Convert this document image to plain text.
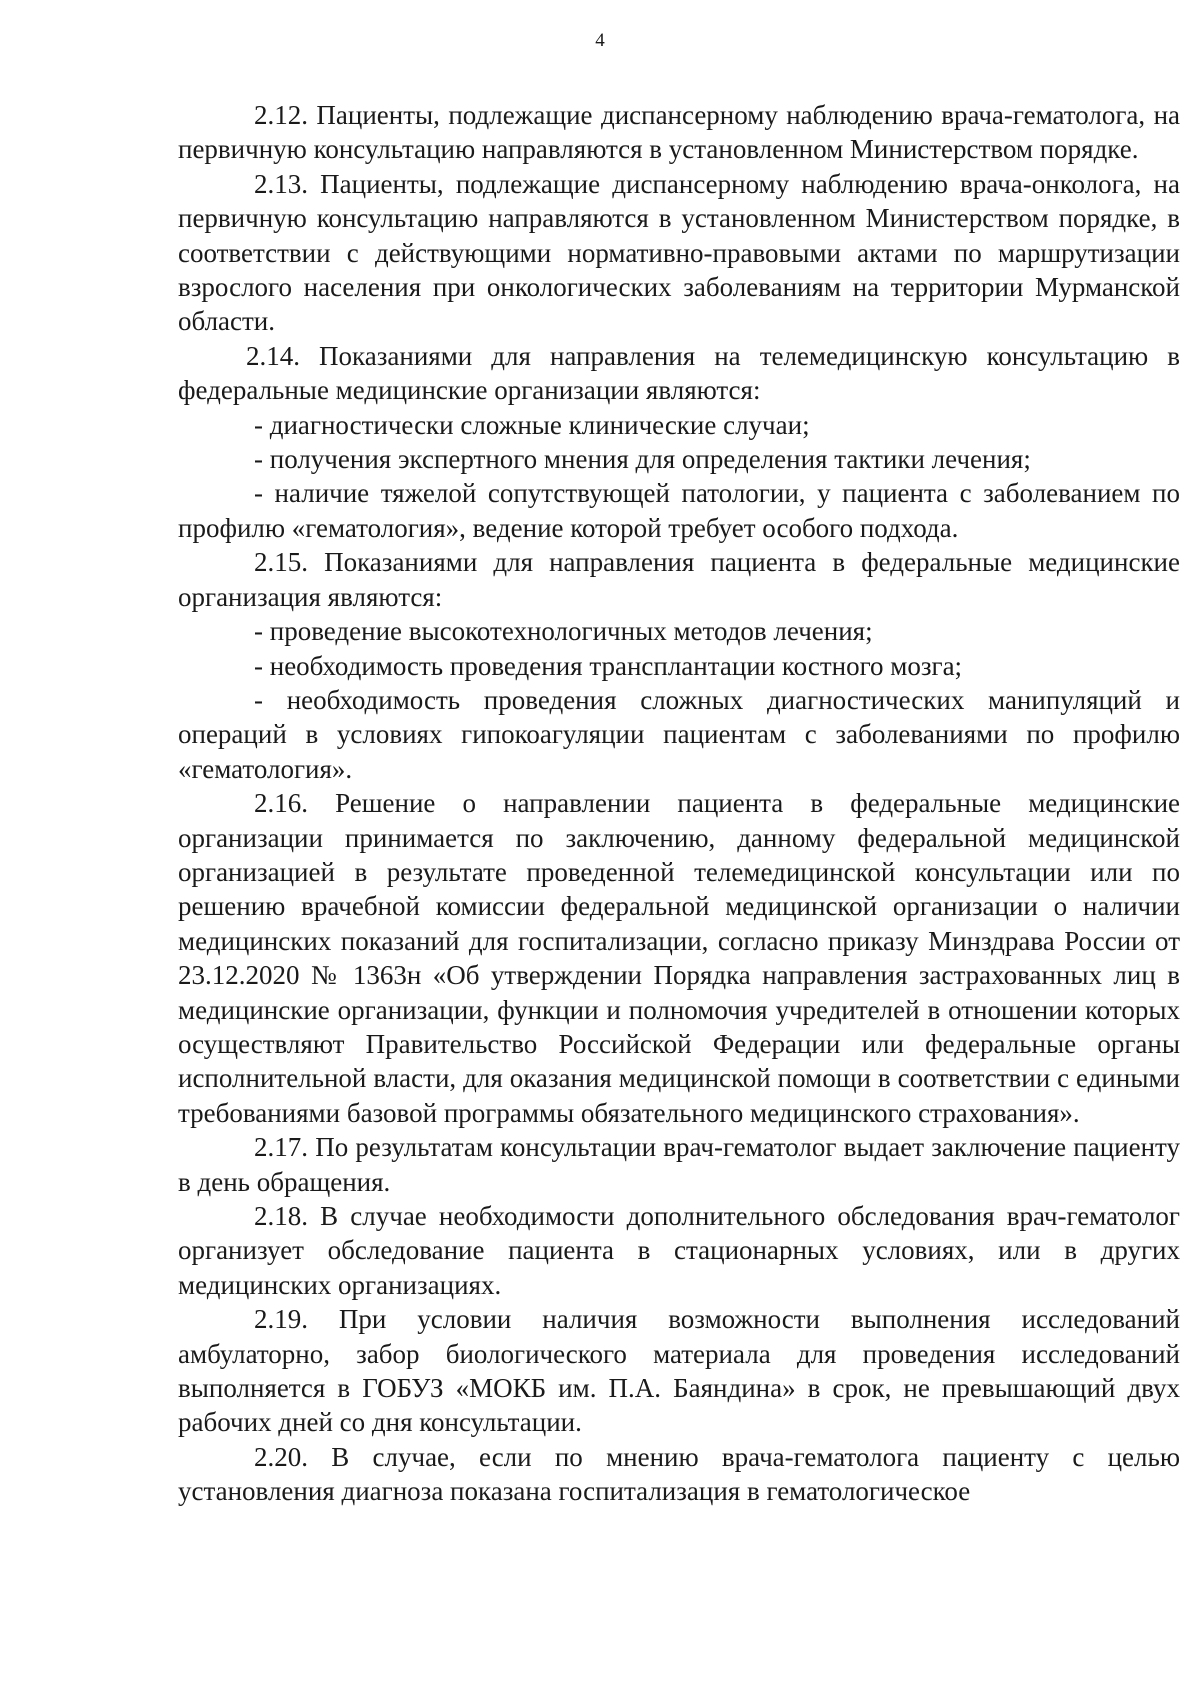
4

2.12. Пациенты, подлежащие диспансерному наблюдению врача-гематолога, на первичную консультацию направляются в установленном Министерством порядке.

2.13. Пациенты, подлежащие диспансерному наблюдению врача-онколога, на первичную консультацию направляются в установленном Министерством порядке, в соответствии с действующими нормативно-правовыми актами по маршрутизации взрослого населения при онкологических заболеваниям на территории Мурманской области.

2.14. Показаниями для направления на телемедицинскую консультацию в федеральные медицинские организации являются:

- диагностически сложные клинические случаи;

- получения экспертного мнения для определения тактики лечения;

- наличие тяжелой сопутствующей патологии, у пациента с заболеванием по профилю «гематология», ведение которой требует особого подхода.

2.15. Показаниями для направления пациента в федеральные медицинские организация являются:

- проведение высокотехнологичных методов лечения;

- необходимость проведения трансплантации костного мозга;

- необходимость проведения сложных диагностических манипуляций и операций в условиях гипокоагуляции пациентам с заболеваниями по профилю «гематология».

2.16. Решение о направлении пациента в федеральные медицинские организации принимается по заключению, данному федеральной медицинской организацией в результате проведенной телемедицинской консультации или по решению врачебной комиссии федеральной медицинской организации о наличии медицинских показаний для госпитализации, согласно приказу Минздрава России от 23.12.2020 № 1363н «Об утверждении Порядка направления застрахованных лиц в медицинские организации, функции и полномочия учредителей в отношении которых осуществляют Правительство Российской Федерации или федеральные органы исполнительной власти, для оказания медицинской помощи в соответствии с едиными требованиями базовой программы обязательного медицинского страхования».

2.17. По результатам консультации врач-гематолог выдает заключение пациенту в день обращения.

2.18. В случае необходимости дополнительного обследования врач-гематолог организует обследование пациента в стационарных условиях, или в других медицинских организациях.

2.19. При условии наличия возможности выполнения исследований амбулаторно, забор биологического материала для проведения исследований выполняется в ГОБУЗ «МОКБ им. П.А. Баяндина» в срок, не превышающий двух рабочих дней со дня консультации.

2.20. В случае, если по мнению врача-гематолога пациенту с целью установления диагноза показана госпитализация в гематологическое
